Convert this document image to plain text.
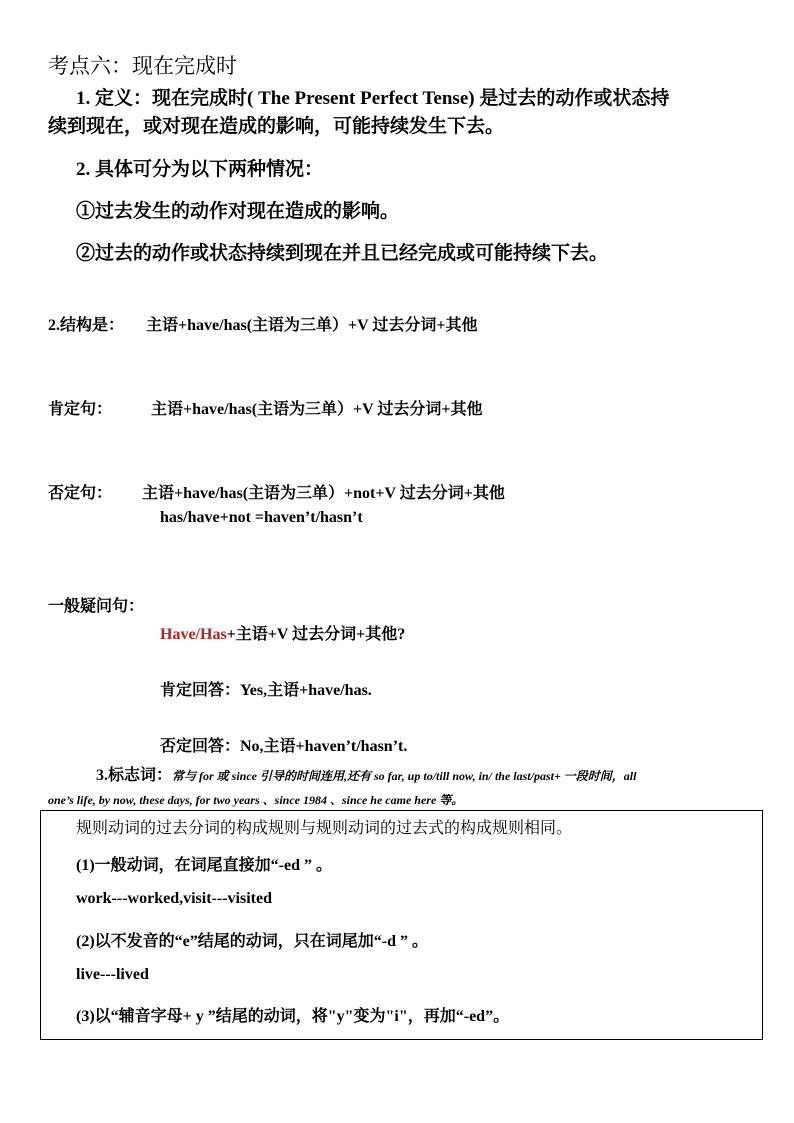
考点六：现在完成时
1. 定义：现在完成时( The Present Perfect Tense) 是过去的动作或状态持
续到现在，或对现在造成的影响，可能持续发生下去。
2. 具体可分为以下两种情况：
①过去发生的动作对现在造成的影响。
②过去的动作或状态持续到现在并且已经完成或可能持续下去。
2.结构是： 主语+have/has(主语为三单）+V 过去分词+其他
肯定句： 主语+have/has(主语为三单）+V 过去分词+其他
否定句： 主语+have/has(主语为三单）+not+V 过去分词+其他
has/have+not =haven’t/hasn’t
一般疑问句：
Have/Has+主语+V 过去分词+其他?
肯定回答：Yes,主语+have/has.
否定回答：No,主语+haven’t/hasn’t.
3.标志词：常与 for 或 since 引导的时间连用,还有 so far, up to/till now, in/ the last/past+ 一段时间，all
one’s life, by now, these days, for two years 、since 1984 、since he came here 等。
规则动词的过去分词的构成规则与规则动词的过去式的构成规则相同。
(1)一般动词，在词尾直接加“-ed ” 。
work---worked,visit---visited
(2)以不发音的“e”结尾的动词，只在词尾加“-d ” 。
live---lived
(3)以“辅音字母+ y ”结尾的动词，将"y"变为"i"，再加“-ed”。
